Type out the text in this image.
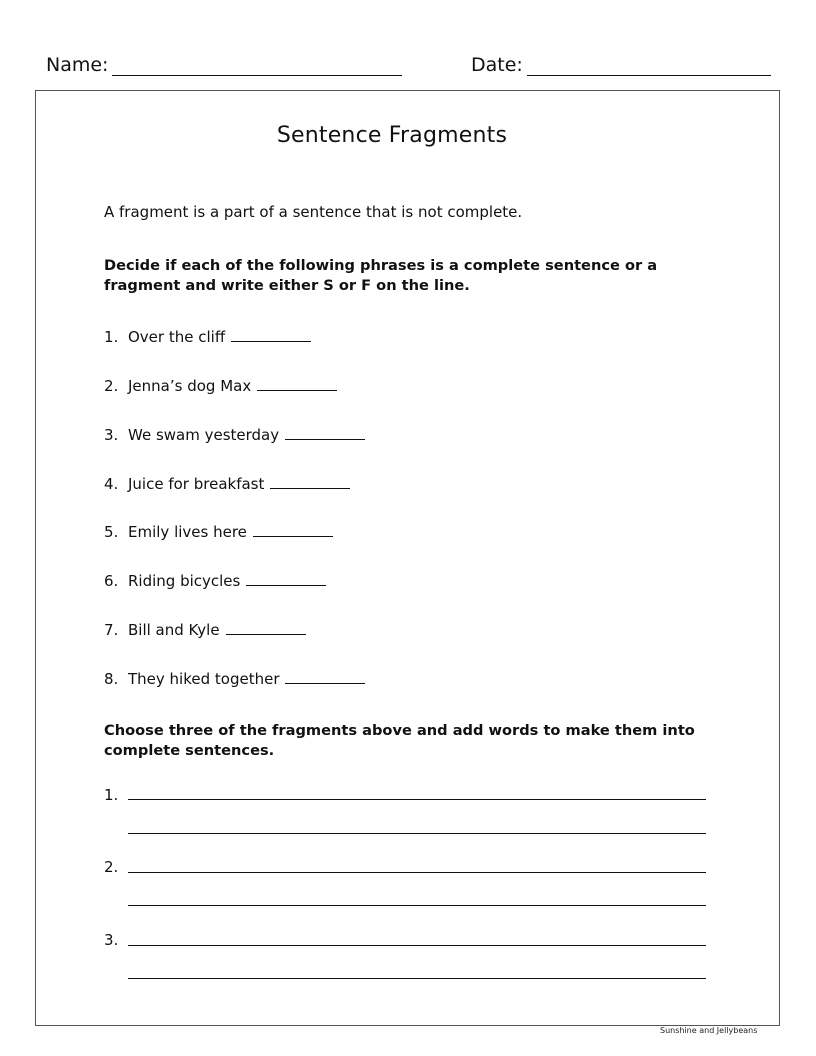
Name:	Date:
Sentence Fragments
A fragment is a part of a sentence that is not complete.
Decide if each of the following phrases is a complete sentence or a fragment and write either S or F on the line.
1. Over the cliff
2. Jenna’s dog Max
3. We swam yesterday
4. Juice for breakfast
5. Emily lives here
6. Riding bicycles
7. Bill and Kyle
8. They hiked together
Choose three of the fragments above and add words to make them into complete sentences.
1.
2.
3.
Sunshine and Jellybeans
